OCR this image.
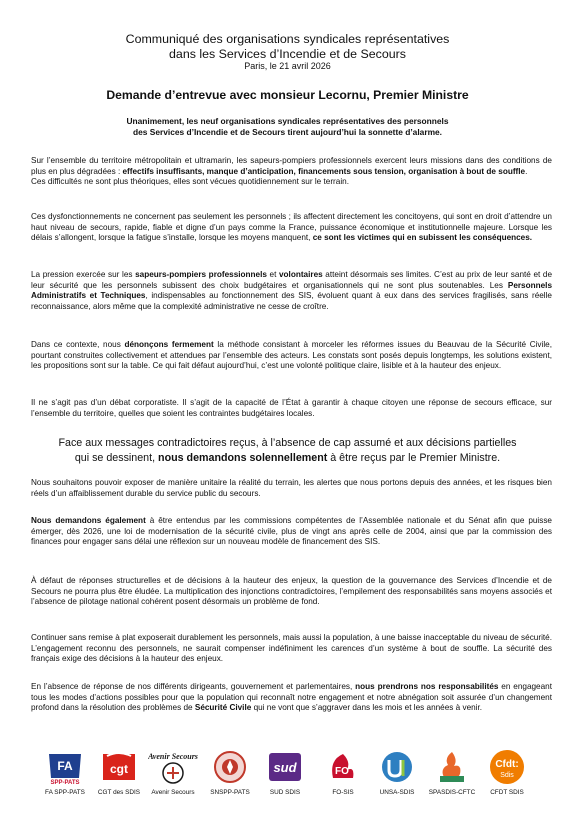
Communiqué des organisations syndicales représentatives
dans les Services d’Incendie et de Secours
Paris, le 21 avril 2026
Demande d’entrevue avec monsieur Lecornu, Premier Ministre
Unanimement, les neuf organisations syndicales représentatives des personnels
des Services d’Incendie et de Secours tirent aujourd’hui la sonnette d’alarme.

Sur l’ensemble du territoire métropolitain et ultramarin, les sapeurs-pompiers professionnels exercent leurs missions dans des conditions de plus en plus dégradées : effectifs insuffisants, manque d’anticipation, financements sous tension, organisation à bout de souffle.
Ces difficultés ne sont plus théoriques, elles sont vécues quotidiennement sur le terrain.

Ces dysfonctionnements ne concernent pas seulement les personnels ; ils affectent directement les concitoyens, qui sont en droit d’attendre un haut niveau de secours, rapide, fiable et digne d’un pays comme la France, puissance économique et institutionnelle majeure. Lorsque les délais s’allongent, lorsque la fatigue s’installe, lorsque les moyens manquent, ce sont les victimes qui en subissent les conséquences.

La pression exercée sur les sapeurs-pompiers professionnels et volontaires atteint désormais ses limites. C’est au prix de leur santé et de leur sécurité que les personnels subissent des choix budgétaires et organisationnels qui ne sont plus soutenables. Les Personnels Administratifs et Techniques, indispensables au fonctionnement des SIS, évoluent quant à eux dans des services fragilisés, sans réelle reconnaissance, alors même que la complexité administrative ne cesse de croître.

Dans ce contexte, nous dénonçons fermement la méthode consistant à morceler les réformes issues du Beauvau de la Sécurité Civile, pourtant construites collectivement et attendues par l’ensemble des acteurs. Les constats sont posés depuis longtemps, les solutions existent, les propositions sont sur la table. Ce qui fait défaut aujourd’hui, c’est une volonté politique claire, lisible et à la hauteur des enjeux.

Il ne s’agit pas d’un débat corporatiste. Il s’agit de la capacité de l’État à garantir à chaque citoyen une réponse de secours efficace, sur l’ensemble du territoire, quelles que soient les contraintes budgétaires locales.

Face aux messages contradictoires reçus, à l’absence de cap assumé et aux décisions partielles
qui se dessinent, nous demandons solennellement à être reçus par le Premier Ministre.

Nous souhaitons pouvoir exposer de manière unitaire la réalité du terrain, les alertes que nous portons depuis des années, et les risques bien réels d’un affaiblissement durable du service public du secours.

Nous demandons également à être entendus par les commissions compétentes de l’Assemblée nationale et du Sénat afin que puisse émerger, dès 2026, une loi de modernisation de la sécurité civile, plus de vingt ans après celle de 2004, ainsi que par la commission des finances pour engager sans délai une réflexion sur un nouveau modèle de financement des SIS.

À défaut de réponses structurelles et de décisions à la hauteur des enjeux, la question de la gouvernance des Services d’Incendie et de Secours ne pourra plus être éludée. La multiplication des injonctions contradictoires, l’empilement des responsabilités sans moyens associés et l’absence de pilotage national cohérent posent désormais un problème de fond.

Continuer sans remise à plat exposerait durablement les personnels, mais aussi la population, à une baisse inacceptable du niveau de sécurité. L’engagement reconnu des personnels, ne saurait compenser indéfiniment les carences d’un système à bout de souffle. La sécurité des français exige des décisions à la hauteur des enjeux.

En l’absence de réponse de nos différents dirigeants, gouvernement et parlementaires, nous prendrons nos responsabilités en engageant tous les modes d’actions possibles pour que la population qui reconnaît notre engagement et notre abnégation soit assurée d’un changement profond dans la résolution des problèmes de Sécurité Civile qui ne vont que s’aggraver dans les mois et les années à venir.

FA
SPP-PATS
FA SPP-PATS
cgt
CGT des SDIS
Avenir Secours
Avenir Secours	SNSPP-PATS
sud
SUD SDIS
FO
FO-SIS	UNSA-SDIS	SPASDIS-CFTC
Cfdt:
Sdis
CFDT SDIS
